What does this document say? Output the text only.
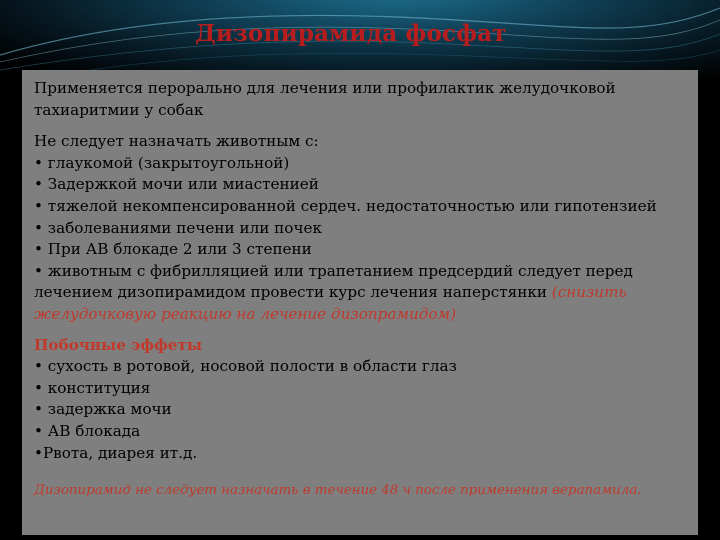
Дизопирамида фосфат

Применяется перорально для лечения или профилактик желудочковой тахиаритмии у собак

Не следует назначать животным с:
• глаукомой (закрытоугольной)
• Задержкой мочи или миастенией
• тяжелой некомпенсированной сердеч. недостаточностью или гипотензией
• заболеваниями печени или почек
• При АВ блокаде 2 или 3 степени

• животным с фибрилляцией или трапетанием предсердий следует перед лечением дизопирамидом провести курс лечения наперстянки (снизить желудочковую реакцию на лечение дизопрамидом)

Побочные эффеты
• сухость в ротовой, носовой полости в области глаз
• конституция
• задержка мочи
• АВ блокада
•Рвота, диарея ит.д.

Дизопирамид не следует назначать в течение 48 ч после применения верапамила.
